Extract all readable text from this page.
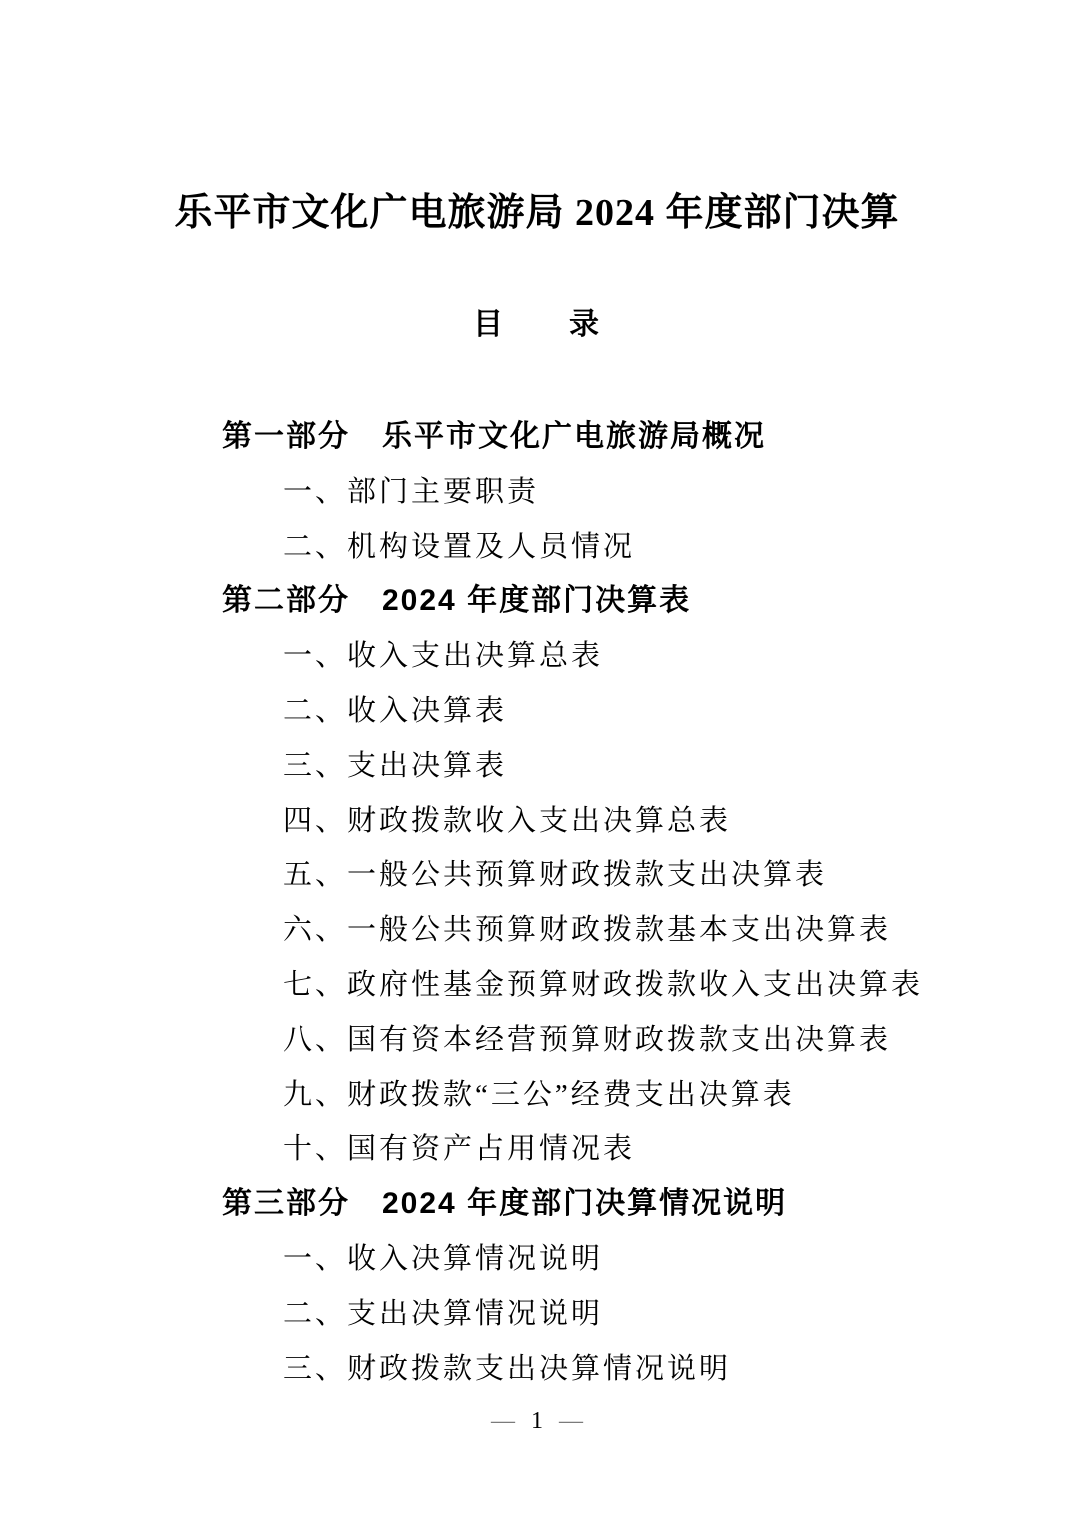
乐平市文化广电旅游局 2024 年度部门决算
目　　录
第一部分　乐平市文化广电旅游局概况
一、部门主要职责
二、机构设置及人员情况
第二部分　2024 年度部门决算表
一、收入支出决算总表
二、收入决算表
三、支出决算表
四、财政拨款收入支出决算总表
五、一般公共预算财政拨款支出决算表
六、一般公共预算财政拨款基本支出决算表
七、政府性基金预算财政拨款收入支出决算表
八、国有资本经营预算财政拨款支出决算表
九、财政拨款“三公”经费支出决算表
十、国有资产占用情况表
第三部分　2024 年度部门决算情况说明
一、收入决算情况说明
二、支出决算情况说明
三、财政拨款支出决算情况说明
— 1 —
